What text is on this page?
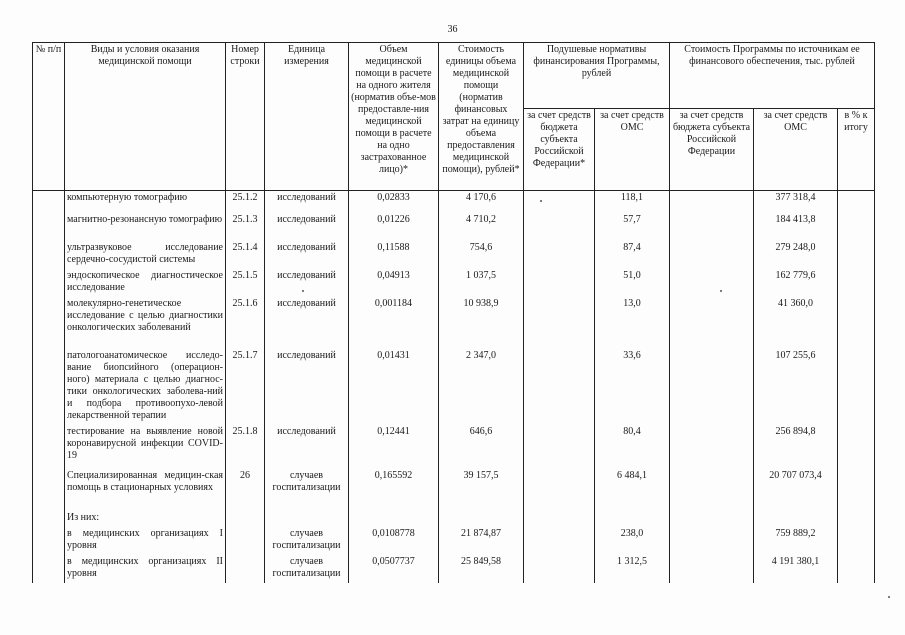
36
№ п/п	Виды и условия оказания медицинской помощи	Номер строки	Единица измерения	Объем медицинской помощи в расчете на одного жителя (норматив объе-мов предоставле-ния медицинской помощи в расчете на одно застрахованное лицо)*	Стоимость единицы объема медицинской помощи (норматив финансовых затрат на единицу объема предоставления медицинской помощи), рублей*	Подушевые нормативы финансирования Программы, рублей		Стоимость Программы по источникам ее финансового обеспечения, тыс. рублей		
						за счет средств бюджета субъекта Российской Федерации*	за счет средств ОМС	за счет средств бюджета субъекта Российской Федерации	за счет средств ОМС	в % к итогу
	компьютерную томографию	25.1.2	исследований	0,02833	4 170,6		118,1		377 318,4	
	магнитно-резонансную томографию	25.1.3	исследований	0,01226	4 710,2		57,7		184 413,8	
	ультразвуковое исследование сердечно-сосудистой системы	25.1.4	исследований	0,11588	754,6		87,4		279 248,0	
	эндоскопическое диагностическое исследование	25.1.5	исследований	0,04913	1 037,5		51,0		162 779,6	
	молекулярно-генетическое исследование с целью диагностики онкологических заболеваний	25.1.6	исследований	0,001184	10 938,9		13,0		41 360,0	
	патологоанатомическое исследо-вание биопсийного (операцион-ного) материала с целью диагнос-тики онкологических заболева-ний и подбора противоопухо-левой лекарственной терапии	25.1.7	исследований	0,01431	2 347,0		33,6		107 255,6	
	тестирование на выявление новой коронавирусной инфекции COVID-19	25.1.8	исследований	0,12441	646,6		80,4		256 894,8	
	Специализированная медицин-ская помощь в стационарных условиях	26	случаев госпитализации	0,165592	39 157,5		6 484,1		20 707 073,4	
	Из них:									
	в медицинских организациях I уровня		случаев госпитализации	0,0108778	21 874,87		238,0		759 889,2	
	в медицинских организациях II уровня		случаев госпитализации	0,0507737	25 849,58		1 312,5		4 191 380,1	
